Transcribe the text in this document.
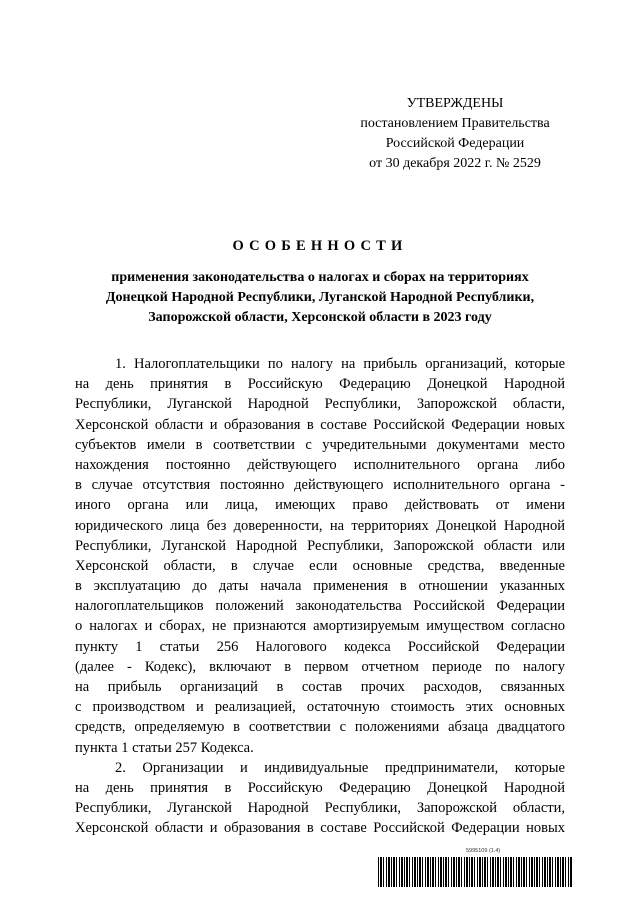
УТВЕРЖДЕНЫ
постановлением Правительства
Российской Федерации
от 30 декабря 2022 г. № 2529
ОСОБЕННОСТИ
применения законодательства о налогах и сборах на территориях
Донецкой Народной Республики, Луганской Народной Республики,
Запорожской области, Херсонской области в 2023 году
1. Налогоплательщики по налогу на прибыль организаций, которые
на день принятия в Российскую Федерацию Донецкой Народной
Республики, Луганской Народной Республики, Запорожской области,
Херсонской области и образования в составе Российской Федерации новых
субъектов имели в соответствии с учредительными документами место
нахождения постоянно действующего исполнительного органа либо
в случае отсутствия постоянно действующего исполнительного органа -
иного органа или лица, имеющих право действовать от имени
юридического лица без доверенности, на территориях Донецкой Народной
Республики, Луганской Народной Республики, Запорожской области или
Херсонской области, в случае если основные средства, введенные
в эксплуатацию до даты начала применения в отношении указанных
налогоплательщиков положений законодательства Российской Федерации
о налогах и сборах, не признаются амортизируемым имуществом согласно
пункту 1 статьи 256 Налогового кодекса Российской Федерации
(далее - Кодекс), включают в первом отчетном периоде по налогу
на прибыль организаций в состав прочих расходов, связанных
с производством и реализацией, остаточную стоимость этих основных
средств, определяемую в соответствии с положениями абзаца двадцатого
пункта 1 статьи 257 Кодекса.
2. Организации и индивидуальные предприниматели, которые
на день принятия в Российскую Федерацию Донецкой Народной
Республики, Луганской Народной Республики, Запорожской области,
Херсонской области и образования в составе Российской Федерации новых
5995109 (1.4)
